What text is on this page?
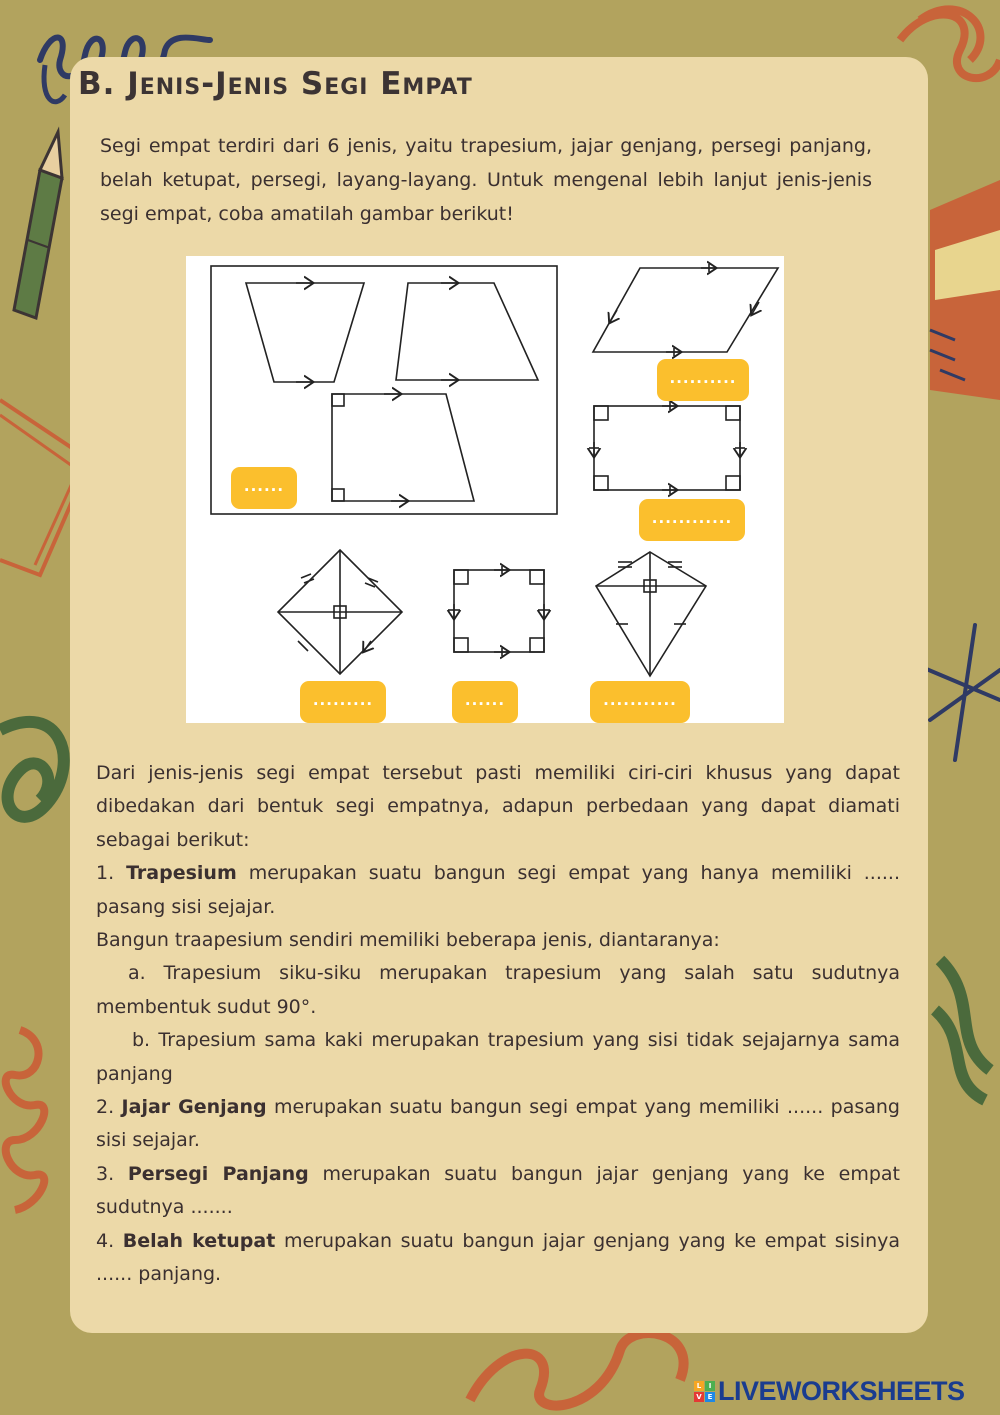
B. Jenis-Jenis Segi Empat

Segi empat terdiri dari 6 jenis, yaitu trapesium, jajar genjang, persegi panjang, belah ketupat, persegi, layang-layang. Untuk mengenal lebih lanjut jenis-jenis segi empat, coba amatilah gambar berikut!

......
..........
............
.........	......	...........

Dari jenis-jenis segi empat tersebut pasti memiliki ciri-ciri khusus yang dapat dibedakan dari bentuk segi empatnya, adapun perbedaan yang dapat diamati sebagai berikut:

1. Trapesium merupakan suatu bangun segi empat yang hanya memiliki ...... pasang sisi sejajar.

Bangun traapesium sendiri memiliki beberapa jenis, diantaranya:

a. Trapesium siku-siku merupakan trapesium yang salah satu sudutnya membentuk sudut 90°.

b. Trapesium sama kaki merupakan trapesium yang sisi tidak sejajarnya sama panjang

2. Jajar Genjang merupakan suatu bangun segi empat yang memiliki ...... pasang sisi sejajar.

3. Persegi Panjang merupakan suatu bangun jajar genjang yang ke empat sudutnya .......

4. Belah ketupat merupakan suatu bangun jajar genjang yang ke empat sisinya ...... panjang.

L	I
V E LIVEWORKSHEETS
